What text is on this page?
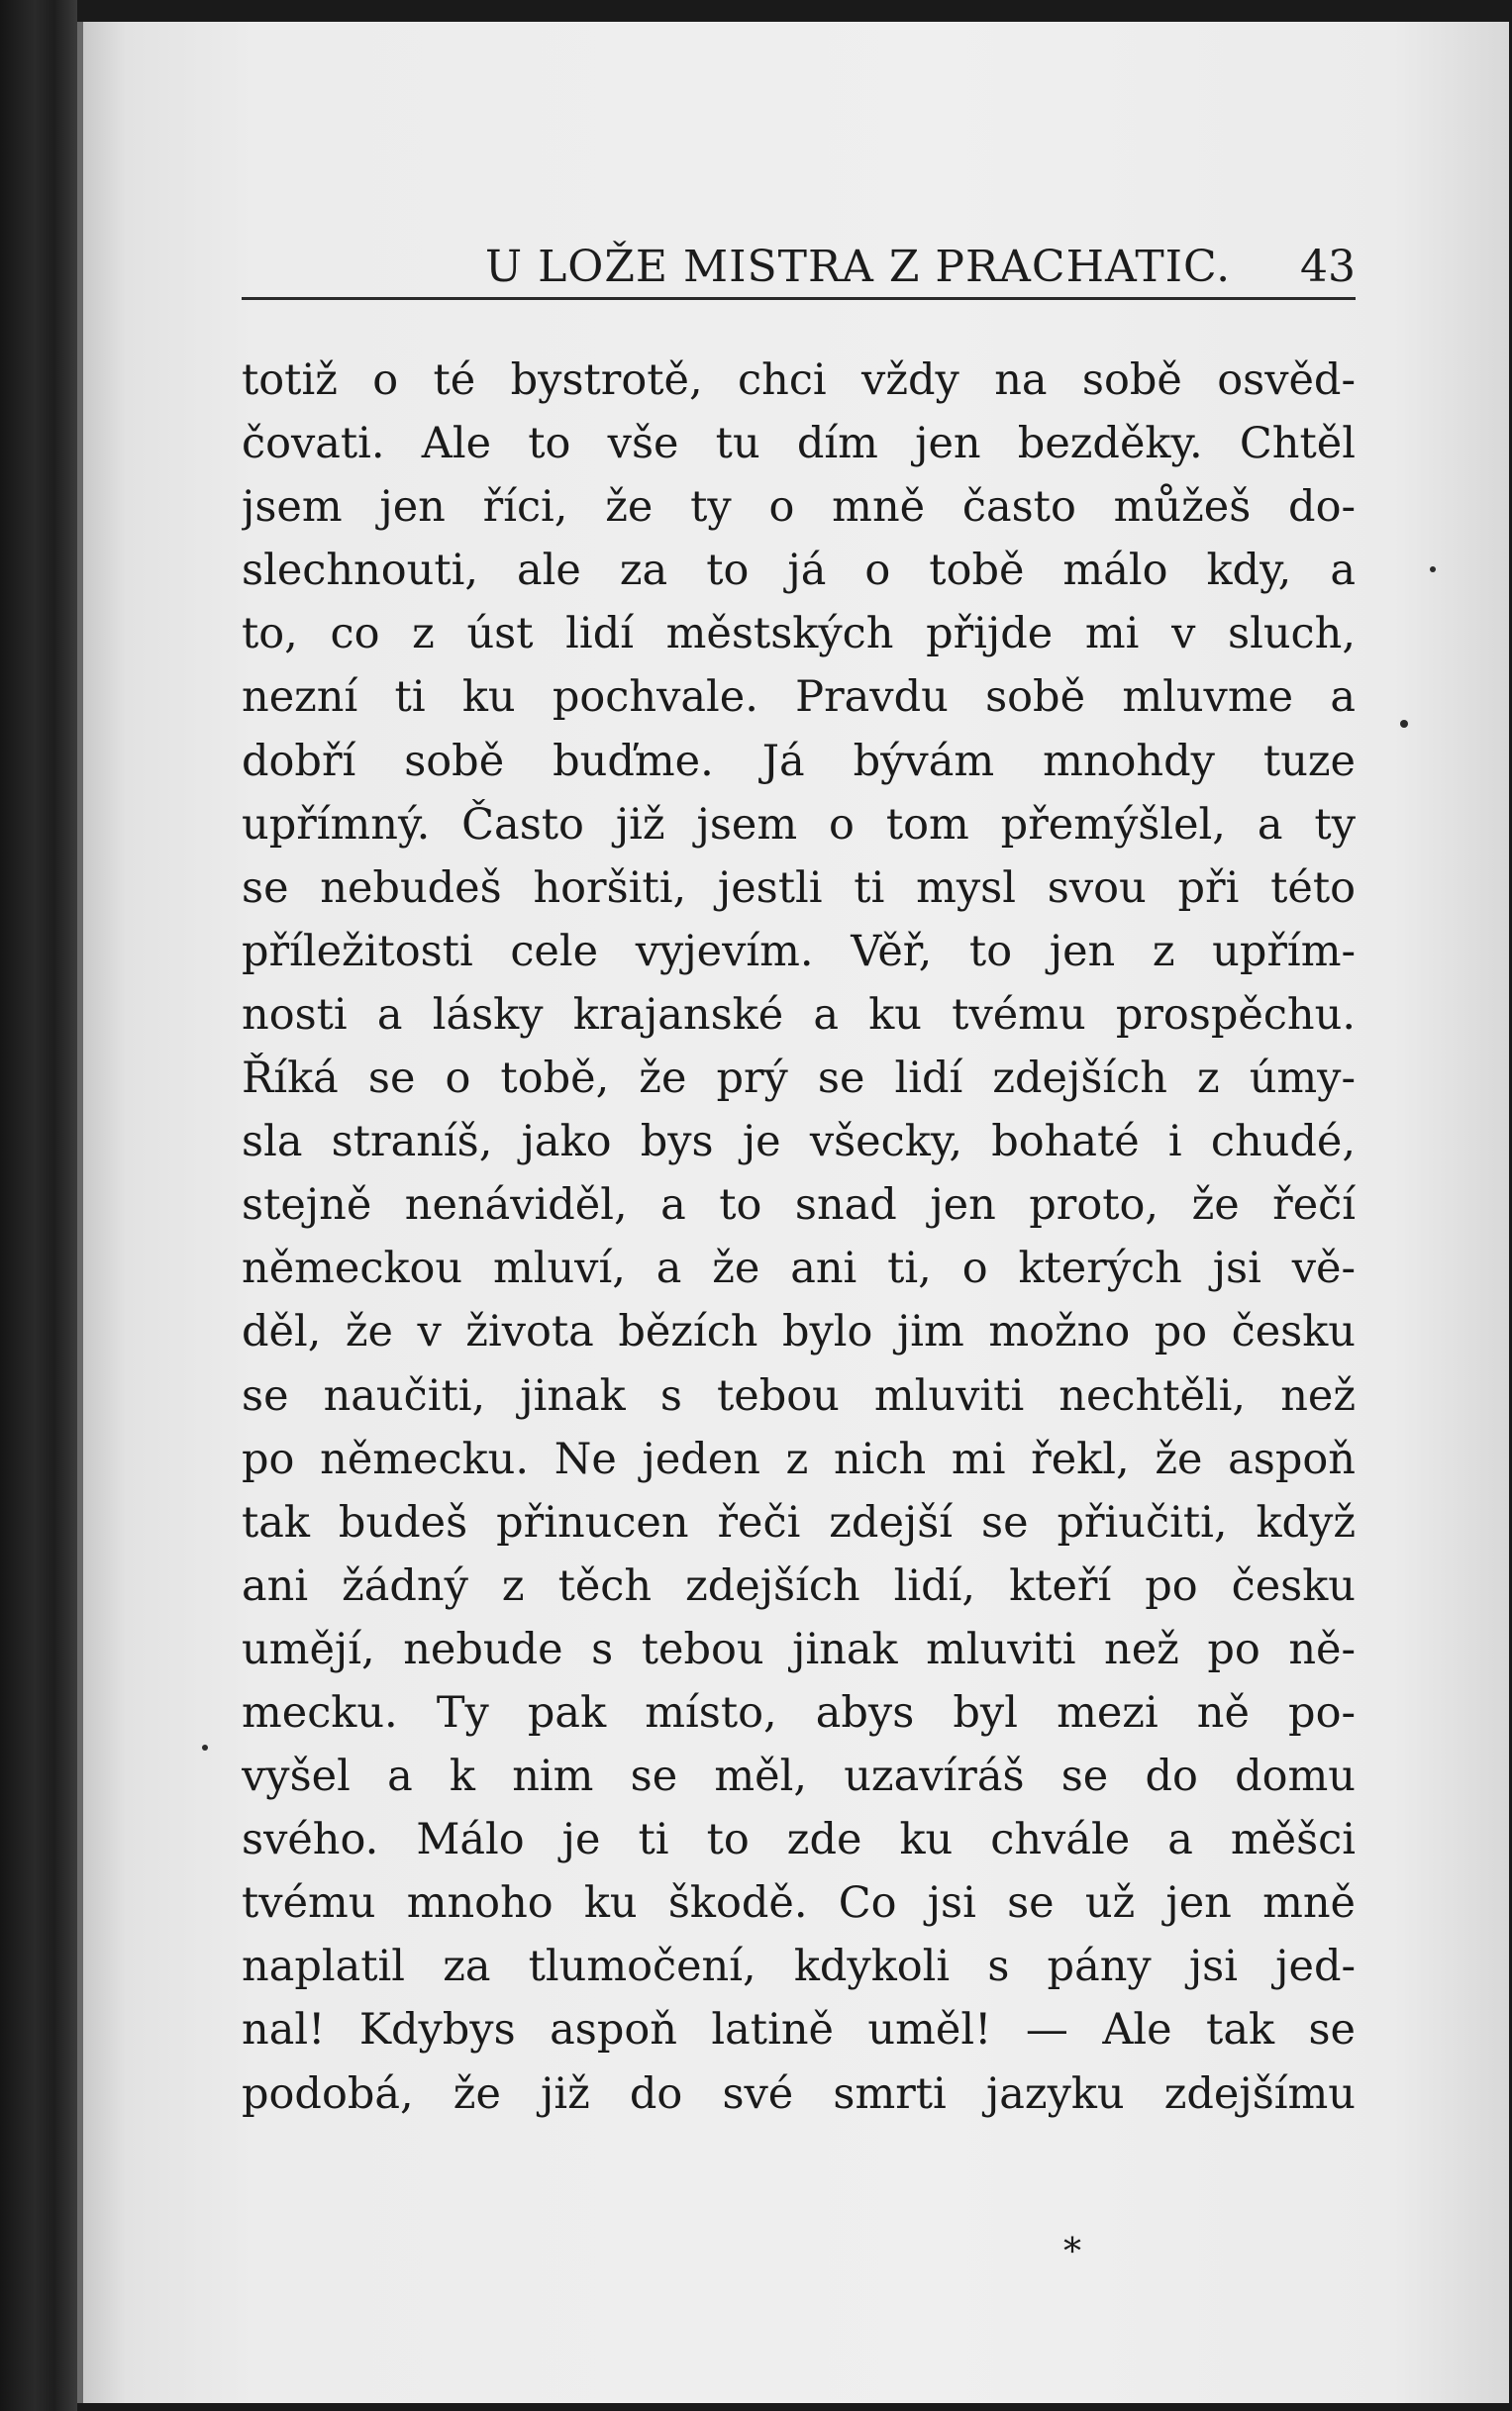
U LOŽE MISTRA Z PRACHATIC. 43
totiž o té bystrotě, chci vždy na sobě osvěd-
čovati. Ale to vše tu dím jen bezděky. Chtěl
jsem jen říci, že ty o mně často můžeš do-
slechnouti, ale za to já o tobě málo kdy, a
to, co z úst lidí městských přijde mi v sluch,
nezní ti ku pochvale. Pravdu sobě mluvme a
dobří sobě buďme. Já bývám mnohdy tuze
upřímný. Často již jsem o tom přemýšlel, a ty
se nebudeš horšiti, jestli ti mysl svou při této
příležitosti cele vyjevím. Věř, to jen z upřím-
nosti a lásky krajanské a ku tvému prospěchu.
Říká se o tobě, že prý se lidí zdejších z úmy-
sla straníš, jako bys je všecky, bohaté i chudé,
stejně nenáviděl, a to snad jen proto, že řečí
německou mluví, a že ani ti, o kterých jsi vě-
děl, že v života bězích bylo jim možno po česku
se naučiti, jinak s tebou mluviti nechtěli, než
po německu. Ne jeden z nich mi řekl, že aspoň
tak budeš přinucen řeči zdejší se přiučiti, když
ani žádný z těch zdejších lidí, kteří po česku
umějí, nebude s tebou jinak mluviti než po ně-
mecku. Ty pak místo, abys byl mezi ně po-
vyšel a k nim se měl, uzavíráš se do domu
svého. Málo je ti to zde ku chvále a měšci
tvému mnoho ku škodě. Co jsi se už jen mně
naplatil za tlumočení, kdykoli s pány jsi jed-
nal! Kdybys aspoň latině uměl! — Ale tak se
podobá, že již do své smrti jazyku zdejšímu
*
